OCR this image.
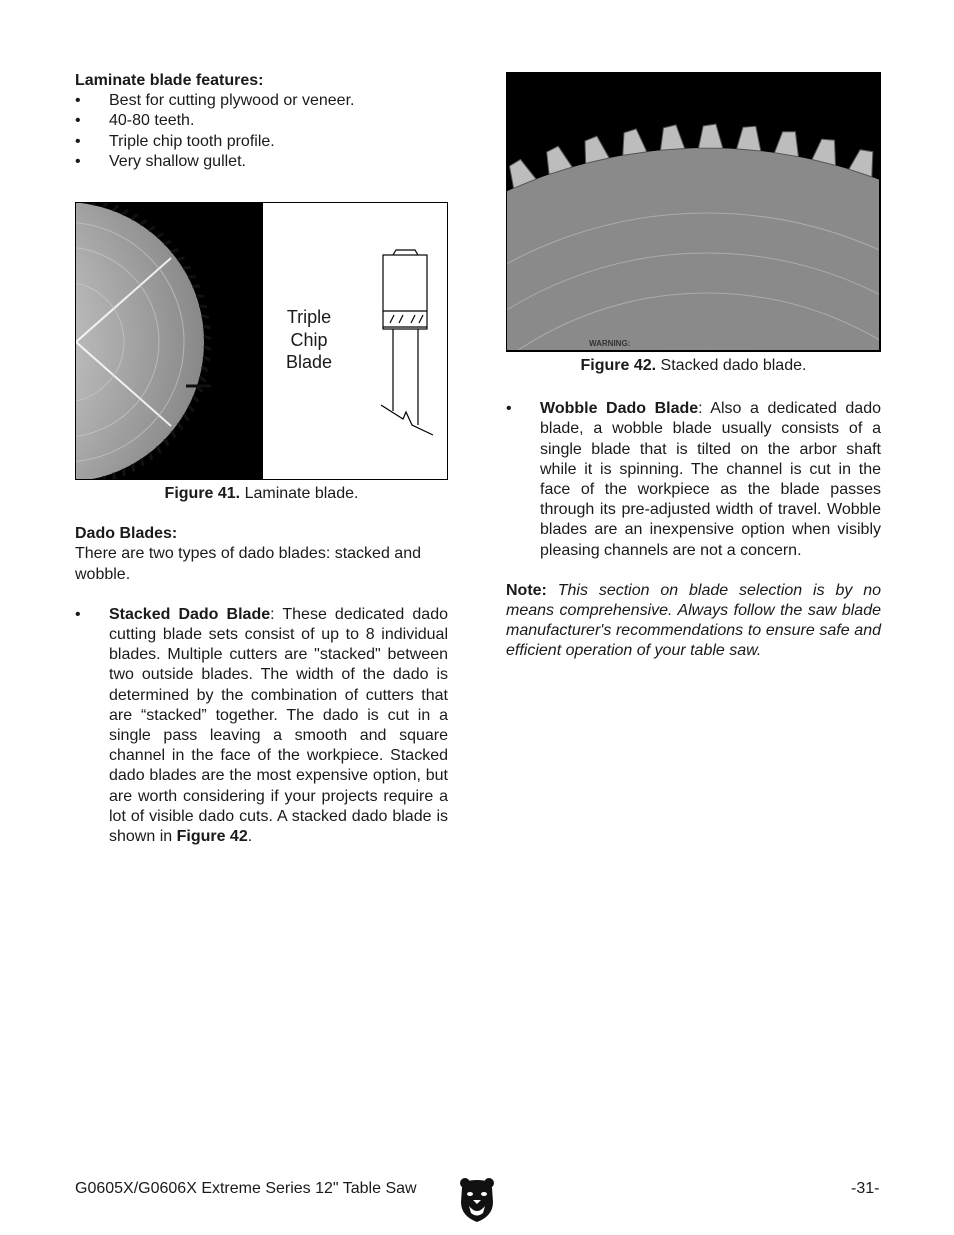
Laminate blade features:
• Best for cutting plywood or veneer.
• 40-80 teeth.
• Triple chip tooth profile.
• Very shallow gullet.
Triple
Chip
Blade
Figure 41. Laminate blade.
Dado Blades:

There are two types of dado blades: stacked and wobble.

• Stacked Dado Blade: These dedicated dado cutting blade sets consist of up to 8 individual blades. Multiple cutters are "stacked" between two outside blades. The width of the dado is determined by the combination of cutters that are “stacked” together. The dado is cut in a single pass leaving a smooth and square channel in the face of the workpiece. Stacked dado blades are the most expensive option, but are worth considering if your projects require a lot of visible dado cuts. A stacked dado blade is shown in Figure 42.

WARNING:
Figure 42. Stacked dado blade.

• Wobble Dado Blade: Also a dedicated dado blade, a wobble blade usually consists of a single blade that is tilted on the arbor shaft while it is spinning. The channel is cut in the face of the workpiece as the blade passes through its pre-adjusted width of travel. Wobble blades are an inexpensive option when visibly pleasing channels are not a concern.

Note: This section on blade selection is by no means comprehensive. Always follow the saw blade manufacturer's recommendations to ensure safe and efficient operation of your table saw.

G0605X/G0606X Extreme Series 12" Table Saw	-31-
